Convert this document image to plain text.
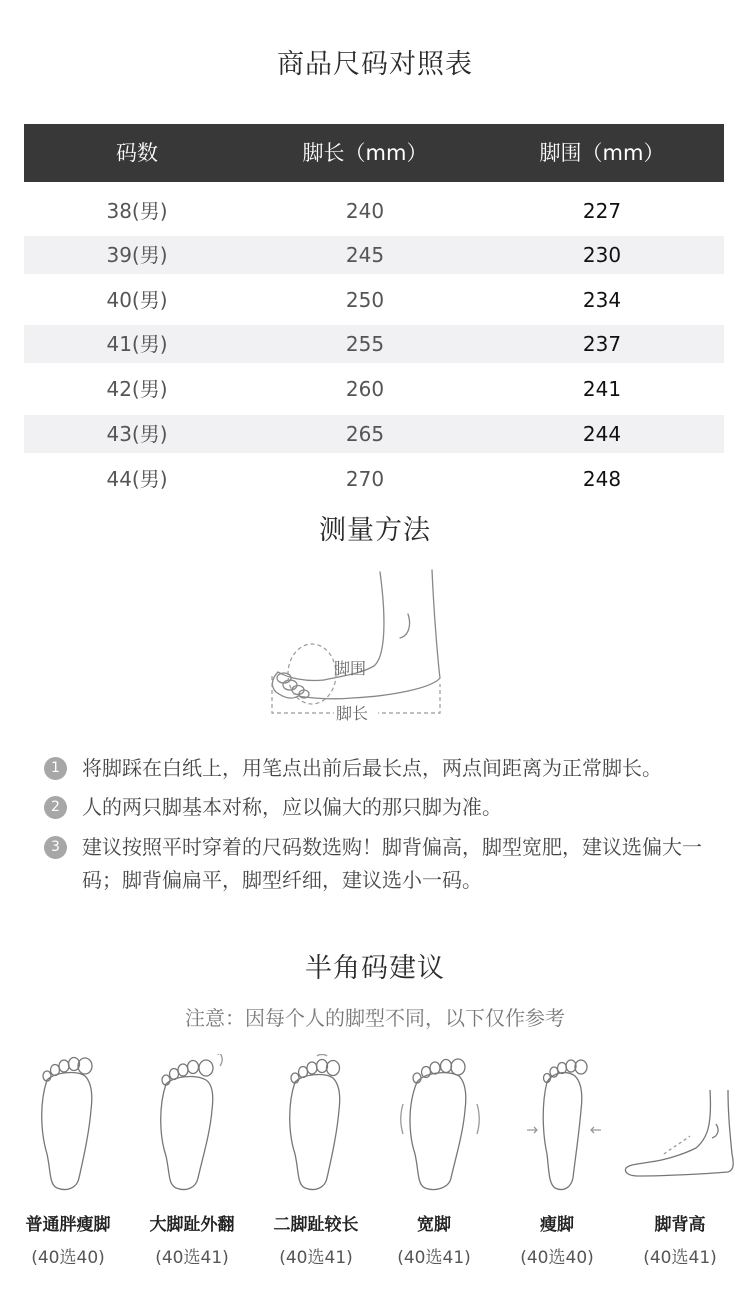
商品尺码对照表
码数	脚长（mm）	脚围（mm）
38(男)	240	227
39(男)	245	230
40(男)	250	234
41(男)	255	237
42(男)	260	241
43(男)	265	244
44(男)	270	248
测量方法
脚围
脚长
1	将脚踩在白纸上，用笔点出前后最长点，两点间距离为正常脚长。
2	人的两只脚基本对称，应以偏大的那只脚为准。
3	建议按照平时穿着的尺码数选购！脚背偏高，脚型宽肥，建议选偏大一码；脚背偏扁平，脚型纤细，建议选小一码。
半角码建议
注意：因每个人的脚型不同，以下仅作参考
普通胖瘦脚
(40选40)
大脚趾外翻
(40选41)
二脚趾较长
(40选41)
宽脚
(40选41)
瘦脚
(40选40)
脚背高
(40选41)
